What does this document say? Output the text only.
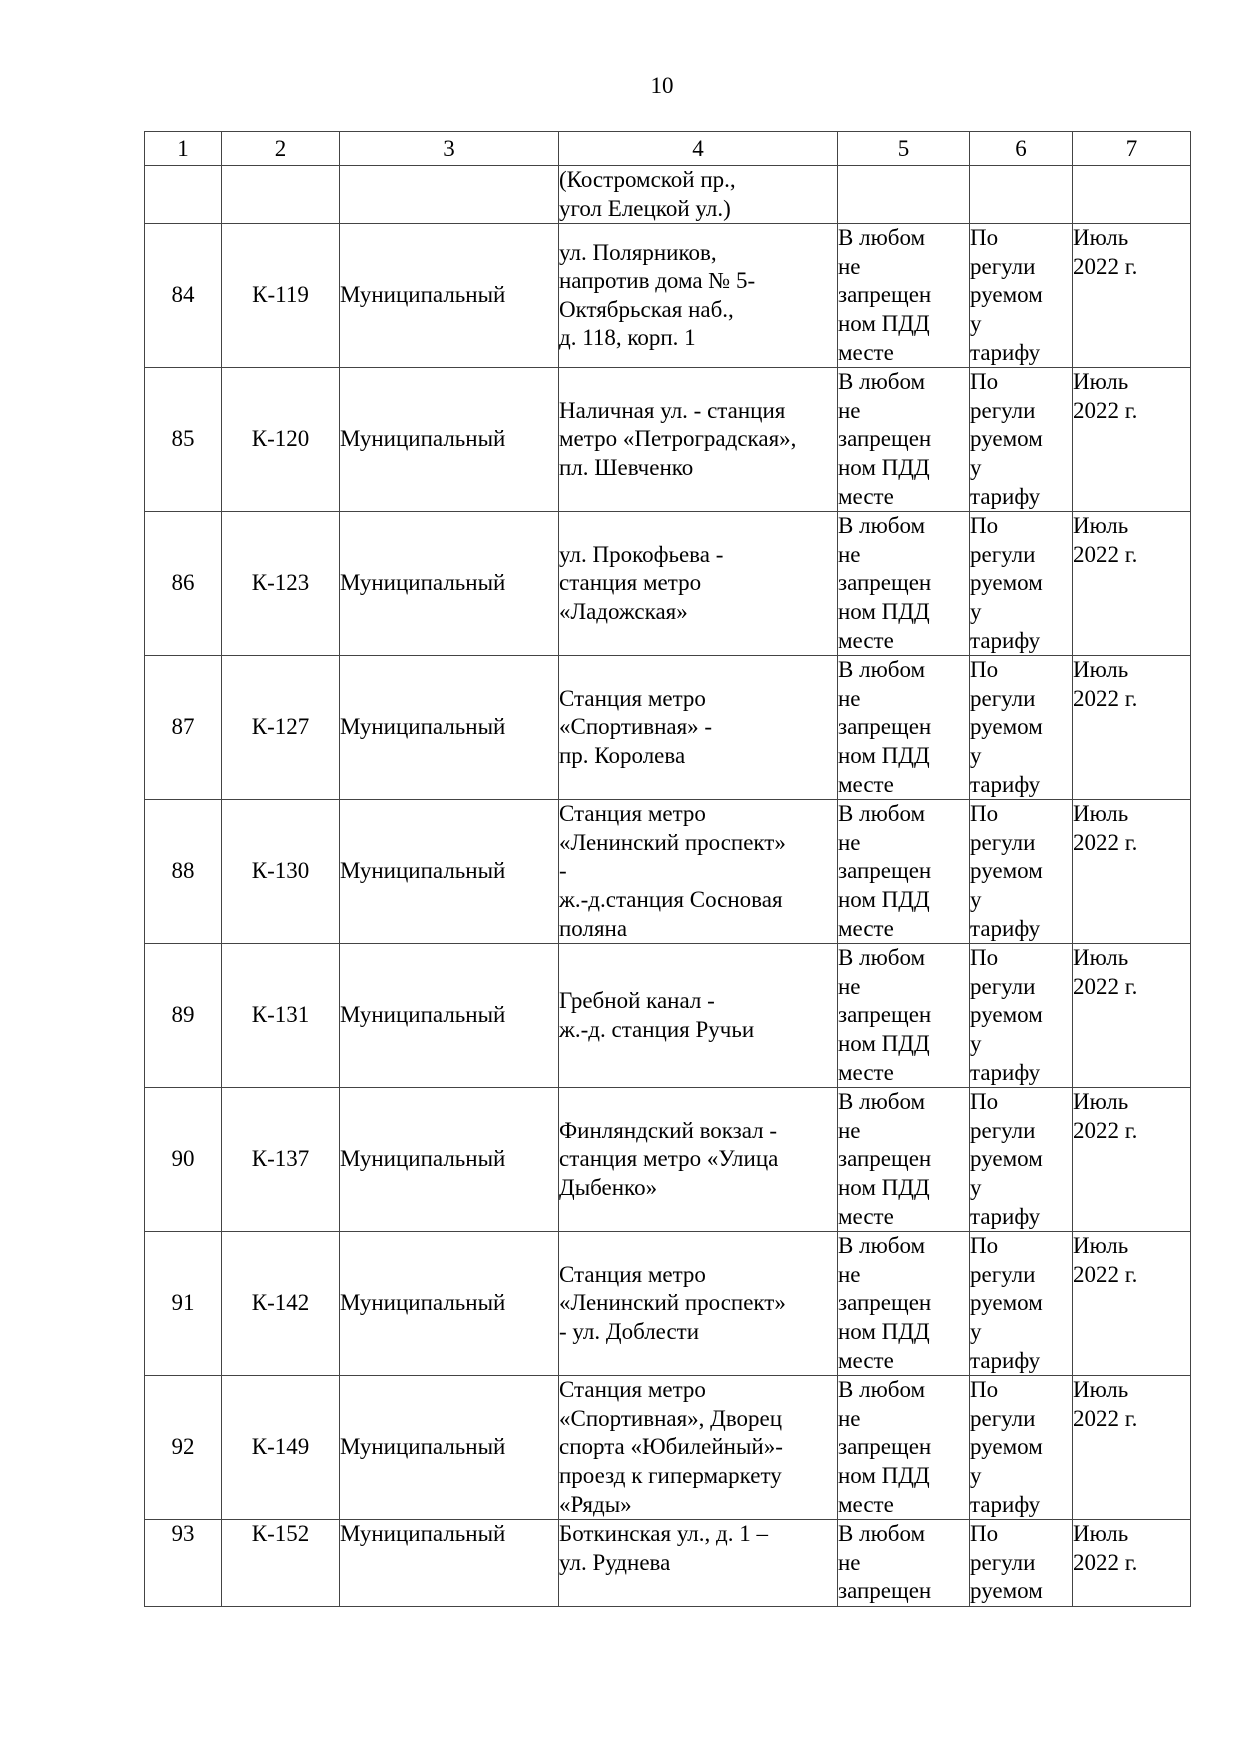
10
1	2	3	4	5	6	7

			(Костромской пр.,
угол Елецкой ул.)			

84	К-119	Муниципальный	ул. Полярников,
напротив дома № 5-
Октябрьская наб.,
д. 118, корп. 1	В любом
не
запрещен
ном ПДД
месте	По
регули
руемом
у
тарифу	Июль
2022 г.

85	К-120	Муниципальный	Наличная ул. - станция
метро «Петроградская»,
пл. Шевченко	В любом
не
запрещен
ном ПДД
месте	По
регули
руемом
у
тарифу	Июль
2022 г.

86	К-123	Муниципальный	ул. Прокофьева -
станция метро
«Ладожская»	В любом
не
запрещен
ном ПДД
месте	По
регули
руемом
у
тарифу	Июль
2022 г.

87	К-127	Муниципальный	Станция метро
«Спортивная» -
пр. Королева	В любом
не
запрещен
ном ПДД
месте	По
регули
руемом
у
тарифу	Июль
2022 г.

88	К-130	Муниципальный	Станция метро
«Ленинский проспект»
-
ж.-д.станция Сосновая
поляна	В любом
не
запрещен
ном ПДД
месте	По
регули
руемом
у
тарифу	Июль
2022 г.

89	К-131	Муниципальный	Гребной канал -
ж.-д. станция Ручьи	В любом
не
запрещен
ном ПДД
месте	По
регули
руемом
у
тарифу	Июль
2022 г.

90	К-137	Муниципальный	Финляндский вокзал -
станция метро «Улица
Дыбенко»	В любом
не
запрещен
ном ПДД
месте	По
регули
руемом
у
тарифу	Июль
2022 г.

91	К-142	Муниципальный	Станция метро
«Ленинский проспект»
- ул. Доблести	В любом
не
запрещен
ном ПДД
месте	По
регули
руемом
у
тарифу	Июль
2022 г.

92	К-149	Муниципальный	Станция метро
«Спортивная», Дворец
спорта «Юбилейный»-
проезд к гипермаркету
«Ряды»	В любом
не
запрещен
ном ПДД
месте	По
регули
руемом
у
тарифу	Июль
2022 г.

93	К-152	Муниципальный	Боткинская ул., д. 1 –
ул. Руднева	В любом
не
запрещен	По
регули
руемом	Июль
2022 г.
